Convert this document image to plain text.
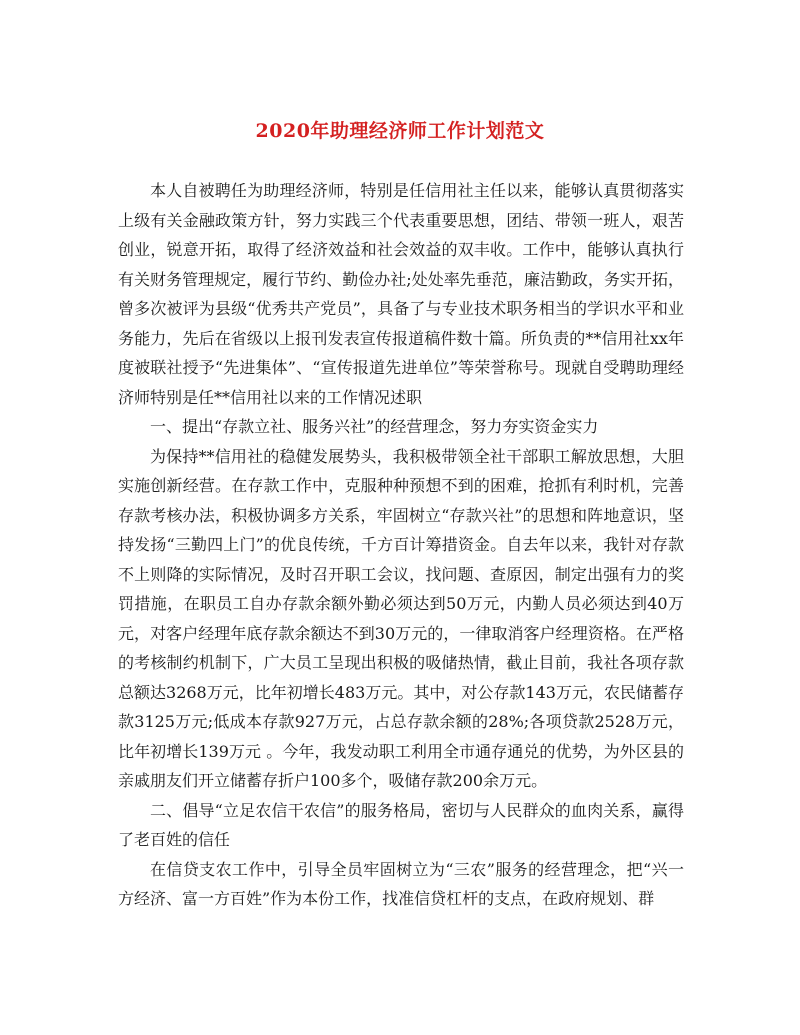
2020年助理经济师工作计划范文

本人自被聘任为助理经济师，特别是任信用社主任以来，能够认真贯彻落实上级有关金融政策方针，努力实践三个代表重要思想，团结、带领一班人，艰苦创业，锐意开拓，取得了经济效益和社会效益的双丰收。工作中，能够认真执行有关财务管理规定，履行节约、勤俭办社;处处率先垂范，廉洁勤政，务实开拓，曾多次被评为县级“优秀共产党员”，具备了与专业技术职务相当的学识水平和业务能力，先后在省级以上报刊发表宣传报道稿件数十篇。所负责的**信用社xx年度被联社授予“先进集体”、“宣传报道先进单位”等荣誉称号。现就自受聘助理经济师特别是任**信用社以来的工作情况述职

一、提出“存款立社、服务兴社”的经营理念，努力夯实资金实力

为保持**信用社的稳健发展势头，我积极带领全社干部职工解放思想，大胆实施创新经营。在存款工作中，克服种种预想不到的困难，抢抓有利时机，完善存款考核办法，积极协调多方关系，牢固树立“存款兴社”的思想和阵地意识，坚持发扬“三勤四上门”的优良传统，千方百计筹措资金。自去年以来，我针对存款不上则降的实际情况，及时召开职工会议，找问题、查原因，制定出强有力的奖罚措施，在职员工自办存款余额外勤必须达到50万元，内勤人员必须达到40万元，对客户经理年底存款余额达不到30万元的，一律取消客户经理资格。在严格的考核制约机制下，广大员工呈现出积极的吸储热情，截止目前，我社各项存款总额达3268万元，比年初增长483万元。其中，对公存款143万元，农民储蓄存款3125万元;低成本存款927万元，占总存款余额的28%;各项贷款2528万元，比年初增长139万元 。今年，我发动职工利用全市通存通兑的优势，为外区县的亲戚朋友们开立储蓄存折户100多个，吸储存款200余万元。

二、倡导“立足农信干农信”的服务格局，密切与人民群众的血肉关系，赢得了老百姓的信任

在信贷支农工作中，引导全员牢固树立为“三农”服务的经营理念，把“兴一方经济、富一方百姓”作为本份工作，找准信贷杠杆的支点，在政府规划、群
